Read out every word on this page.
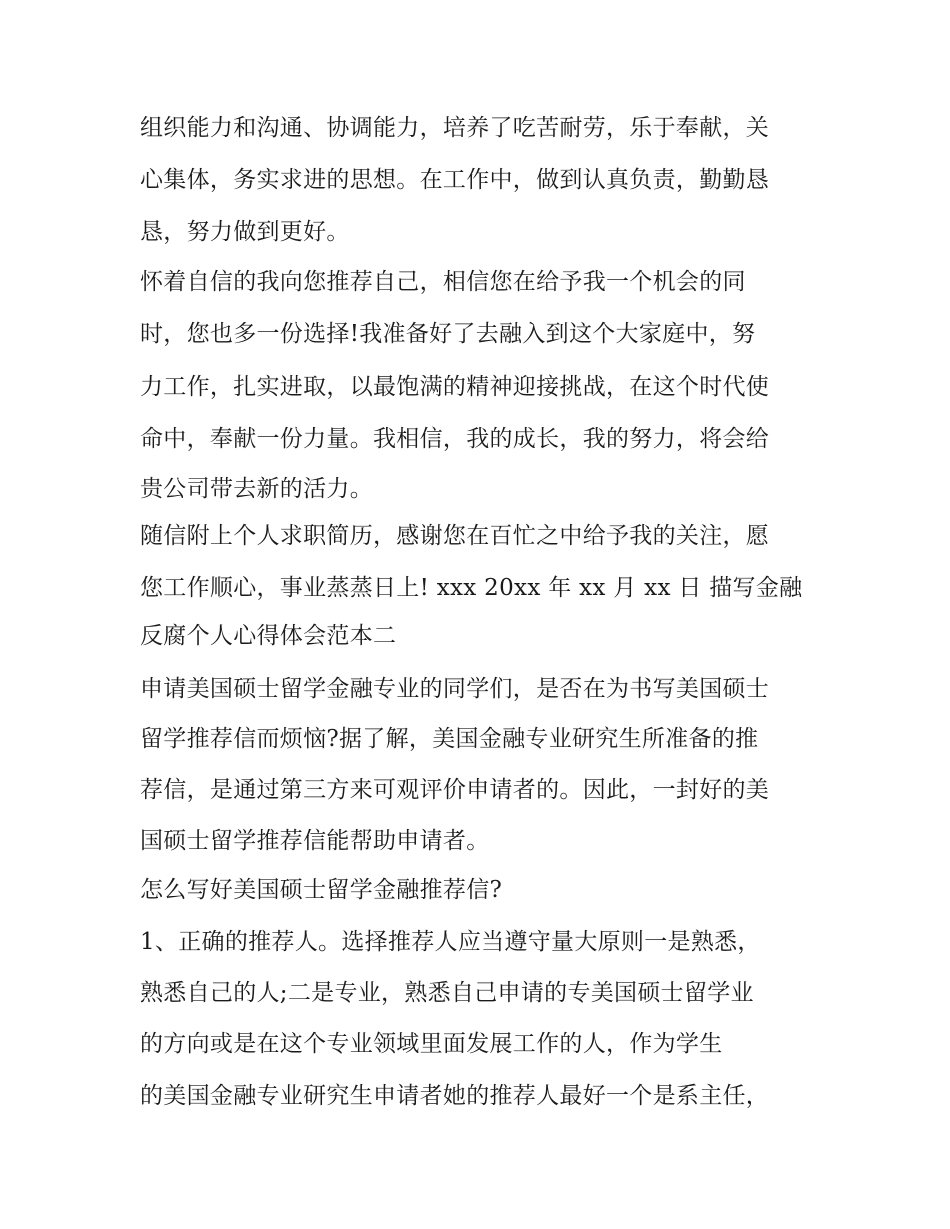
组织能力和沟通、协调能力，培养了吃苦耐劳，乐于奉献，关
心集体，务实求进的思想。在工作中，做到认真负责，勤勤恳
恳，努力做到更好。
怀着自信的我向您推荐自己，相信您在给予我一个机会的同
时，您也多一份选择!我准备好了去融入到这个大家庭中，努
力工作，扎实进取，以最饱满的精神迎接挑战，在这个时代使
命中，奉献一份力量。我相信，我的成长，我的努力，将会给
贵公司带去新的活力。
随信附上个人求职简历，感谢您在百忙之中给予我的关注，愿
您工作顺心，事业蒸蒸日上! xxx 20xx 年 xx 月 xx 日 描写金融
反腐个人心得体会范本二
申请美国硕士留学金融专业的同学们，是否在为书写美国硕士
留学推荐信而烦恼?据了解，美国金融专业研究生所准备的推
荐信，是通过第三方来可观评价申请者的。因此，一封好的美
国硕士留学推荐信能帮助申请者。
怎么写好美国硕士留学金融推荐信?
1、正确的推荐人。选择推荐人应当遵守量大原则一是熟悉，
熟悉自己的人;二是专业，熟悉自己申请的专美国硕士留学业
的方向或是在这个专业领域里面发展工作的人，作为学生
的美国金融专业研究生申请者她的推荐人最好一个是系主任，
